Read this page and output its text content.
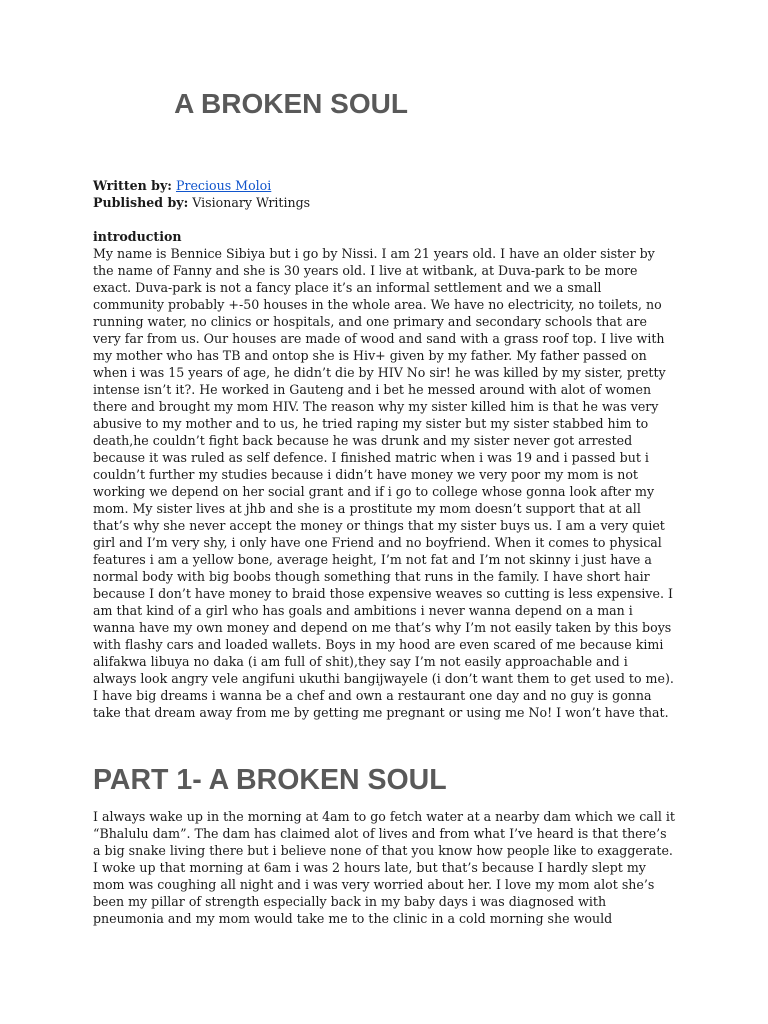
A BROKEN SOUL
Written by: Precious Moloi
Published by: Visionary Writings

introduction

My name is Bennice Sibiya but i go by Nissi. I am 21 years old. I have an older sister by the name of Fanny and she is 30 years old. I live at witbank, at Duva-park to be more exact. Duva-park is not a fancy place it’s an informal settlement and we a small community probably +-50 houses in the whole area. We have no electricity, no toilets, no running water, no clinics or hospitals, and one primary and secondary schools that are very far from us. Our houses are made of wood and sand with a grass roof top. I live with my mother who has TB and ontop she is Hiv+ given by my father. My father passed on when i was 15 years of age, he didn’t die by HIV No sir! he was killed by my sister, pretty intense isn’t it?. He worked in Gauteng and i bet he messed around with alot of women there and brought my mom HIV. The reason why my sister killed him is that he was very abusive to my mother and to us, he tried raping my sister but my sister stabbed him to death,he couldn’t fight back because he was drunk and my sister never got arrested because it was ruled as self defence. I finished matric when i was 19 and i passed but i couldn’t further my studies because i didn’t have money we very poor my mom is not working we depend on her social grant and if i go to college whose gonna look after my mom. My sister lives at jhb and she is a prostitute my mom doesn’t support that at all that’s why she never accept the money or things that my sister buys us. I am a very quiet girl and I’m very shy, i only have one Friend and no boyfriend. When it comes to physical features i am a yellow bone, average height, I’m not fat and I’m not skinny i just have a normal body with big boobs though something that runs in the family. I have short hair because I don’t have money to braid those expensive weaves so cutting is less expensive. I am that kind of a girl who has goals and ambitions i never wanna depend on a man i wanna have my own money and depend on me that’s why I’m not easily taken by this boys with flashy cars and loaded wallets. Boys in my hood are even scared of me because kimi alifakwa libuya no daka (i am full of shit),they say I’m not easily approachable and i always look angry vele angifuni ukuthi bangijwayele (i don’t want them to get used to me). I have big dreams i wanna be a chef and own a restaurant one day and no guy is gonna take that dream away from me by getting me pregnant or using me No! I won’t have that.

PART 1- A BROKEN SOUL

I always wake up in the morning at 4am to go fetch water at a nearby dam which we call it “Bhalulu dam”. The dam has claimed alot of lives and from what I’ve heard is that there’s a big snake living there but i believe none of that you know how people like to exaggerate. I woke up that morning at 6am i was 2 hours late, but that’s because I hardly slept my mom was coughing all night and i was very worried about her. I love my mom alot she’s been my pillar of strength especially back in my baby days i was diagnosed with pneumonia and my mom would take me to the clinic in a cold morning she would
